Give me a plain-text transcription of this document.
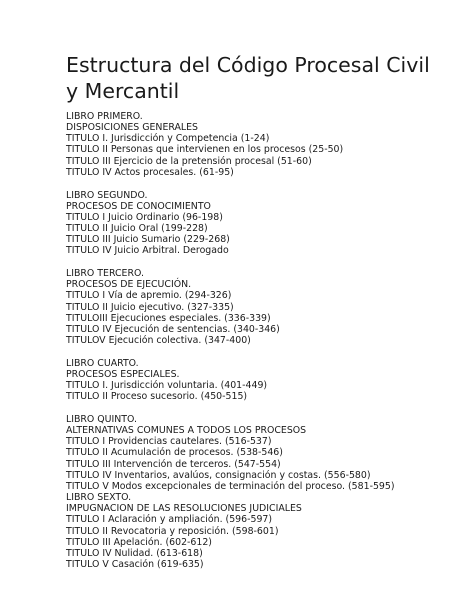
Estructura del Código Procesal Civil
y Mercantil
LIBRO PRIMERO.
DISPOSICIONES GENERALES
TITULO I. Jurisdicción y Competencia (1-24)
TITULO II Personas que intervienen en los procesos (25-50)
TITULO III Ejercicio de la pretensión procesal (51-60)
TITULO IV Actos procesales. (61-95)
LIBRO SEGUNDO.
PROCESOS DE CONOCIMIENTO
TITULO I Juicio Ordinario (96-198)
TITULO II Juicio Oral (199-228)
TITULO III Juicio Sumario (229-268)
TITULO IV Juicio Arbitral. Derogado
LIBRO TERCERO.
PROCESOS DE EJECUCIÓN.
TITULO I Vía de apremio. (294-326)
TITULO II Juicio ejecutivo. (327-335)
TITULOIII Ejecuciones especiales. (336-339)
TITULO IV Ejecución de sentencias. (340-346)
TITULOV Ejecución colectiva. (347-400)
LIBRO CUARTO.
PROCESOS ESPECIALES.
TITULO I. Jurisdicción voluntaria. (401-449)
TITULO II Proceso sucesorio. (450-515)
LIBRO QUINTO.
ALTERNATIVAS COMUNES A TODOS LOS PROCESOS
TITULO I Providencias cautelares. (516-537)
TITULO II Acumulación de procesos. (538-546)
TITULO III Intervención de terceros. (547-554)
TITULO IV Inventarios, avalúos, consignación y costas. (556-580)
TITULO V Modos excepcionales de terminación del proceso. (581-595)
LIBRO SEXTO.
IMPUGNACION DE LAS RESOLUCIONES JUDICIALES
TITULO I Aclaración y ampliación. (596-597)
TITULO II Revocatoria y reposición. (598-601)
TITULO III Apelación. (602-612)
TITULO IV Nulidad. (613-618)
TITULO V Casación (619-635)
